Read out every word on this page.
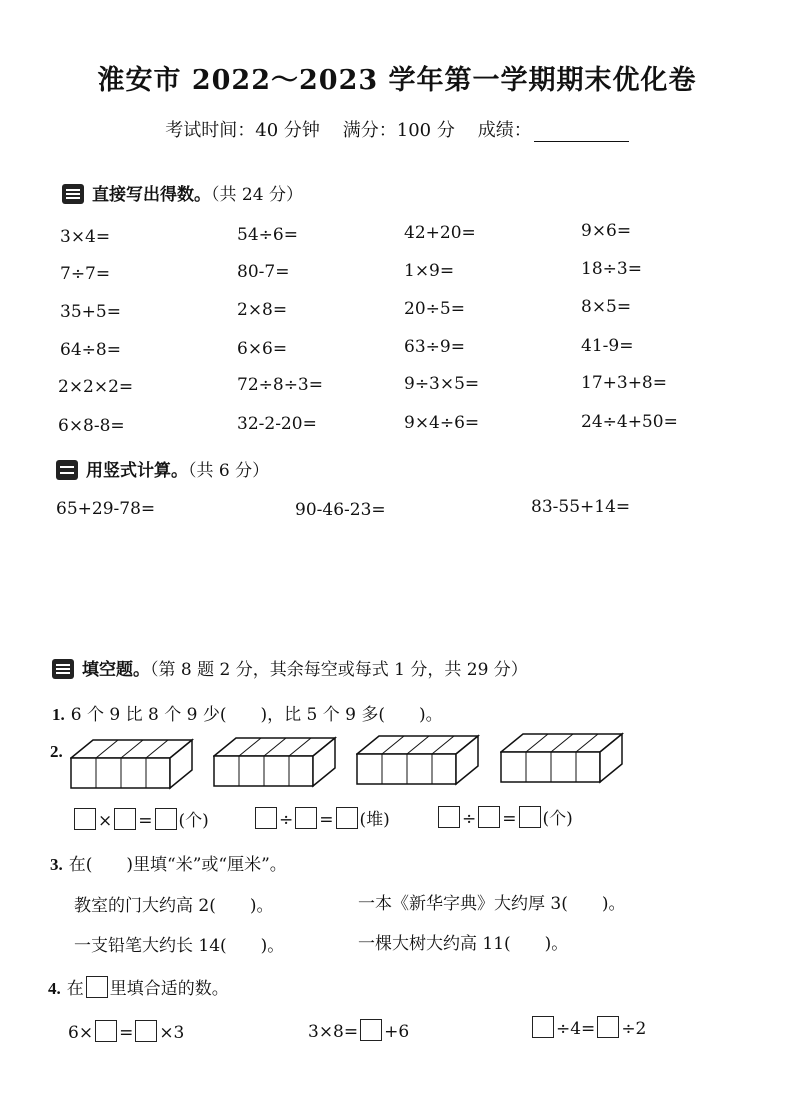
淮安市 2022～2023 学年第一学期期末优化卷
考试时间：40 分钟 满分：100 分 成绩：
直接写出得数。（共 24 分）
3×4=	54÷6=	42+20=	9×6=
7÷7=	80-7=	1×9=	18÷3=
35+5=	2×8=	20÷5=	8×5=
64÷8=	6×6=	63÷9=	41-9=
2×2×2=	72÷8÷3=	9÷3×5=	17+3+8=
6×8-8=	32-2-20=	9×4÷6=	24÷4+50=
用竖式计算。（共 6 分）
65+29-78=	90-46-23=	83-55+14=
填空题。（第 8 题 2 分，其余每空或每式 1 分，共 29 分）
1. 6 个 9 比 8 个 9 少( )，比 5 个 9 多( )。
2.
× = (个)	÷ = (堆)	÷ = (个)
3. 在(　　)里填“米”或“厘米”。
教室的门大约高 2( )。	一本《新华字典》大约厚 3( )。
一支铅笔大约长 14( )。	一棵大树大约高 11( )。
4. 在 里填合适的数。
6× = ×3	3×8= +6	÷4= ÷2
